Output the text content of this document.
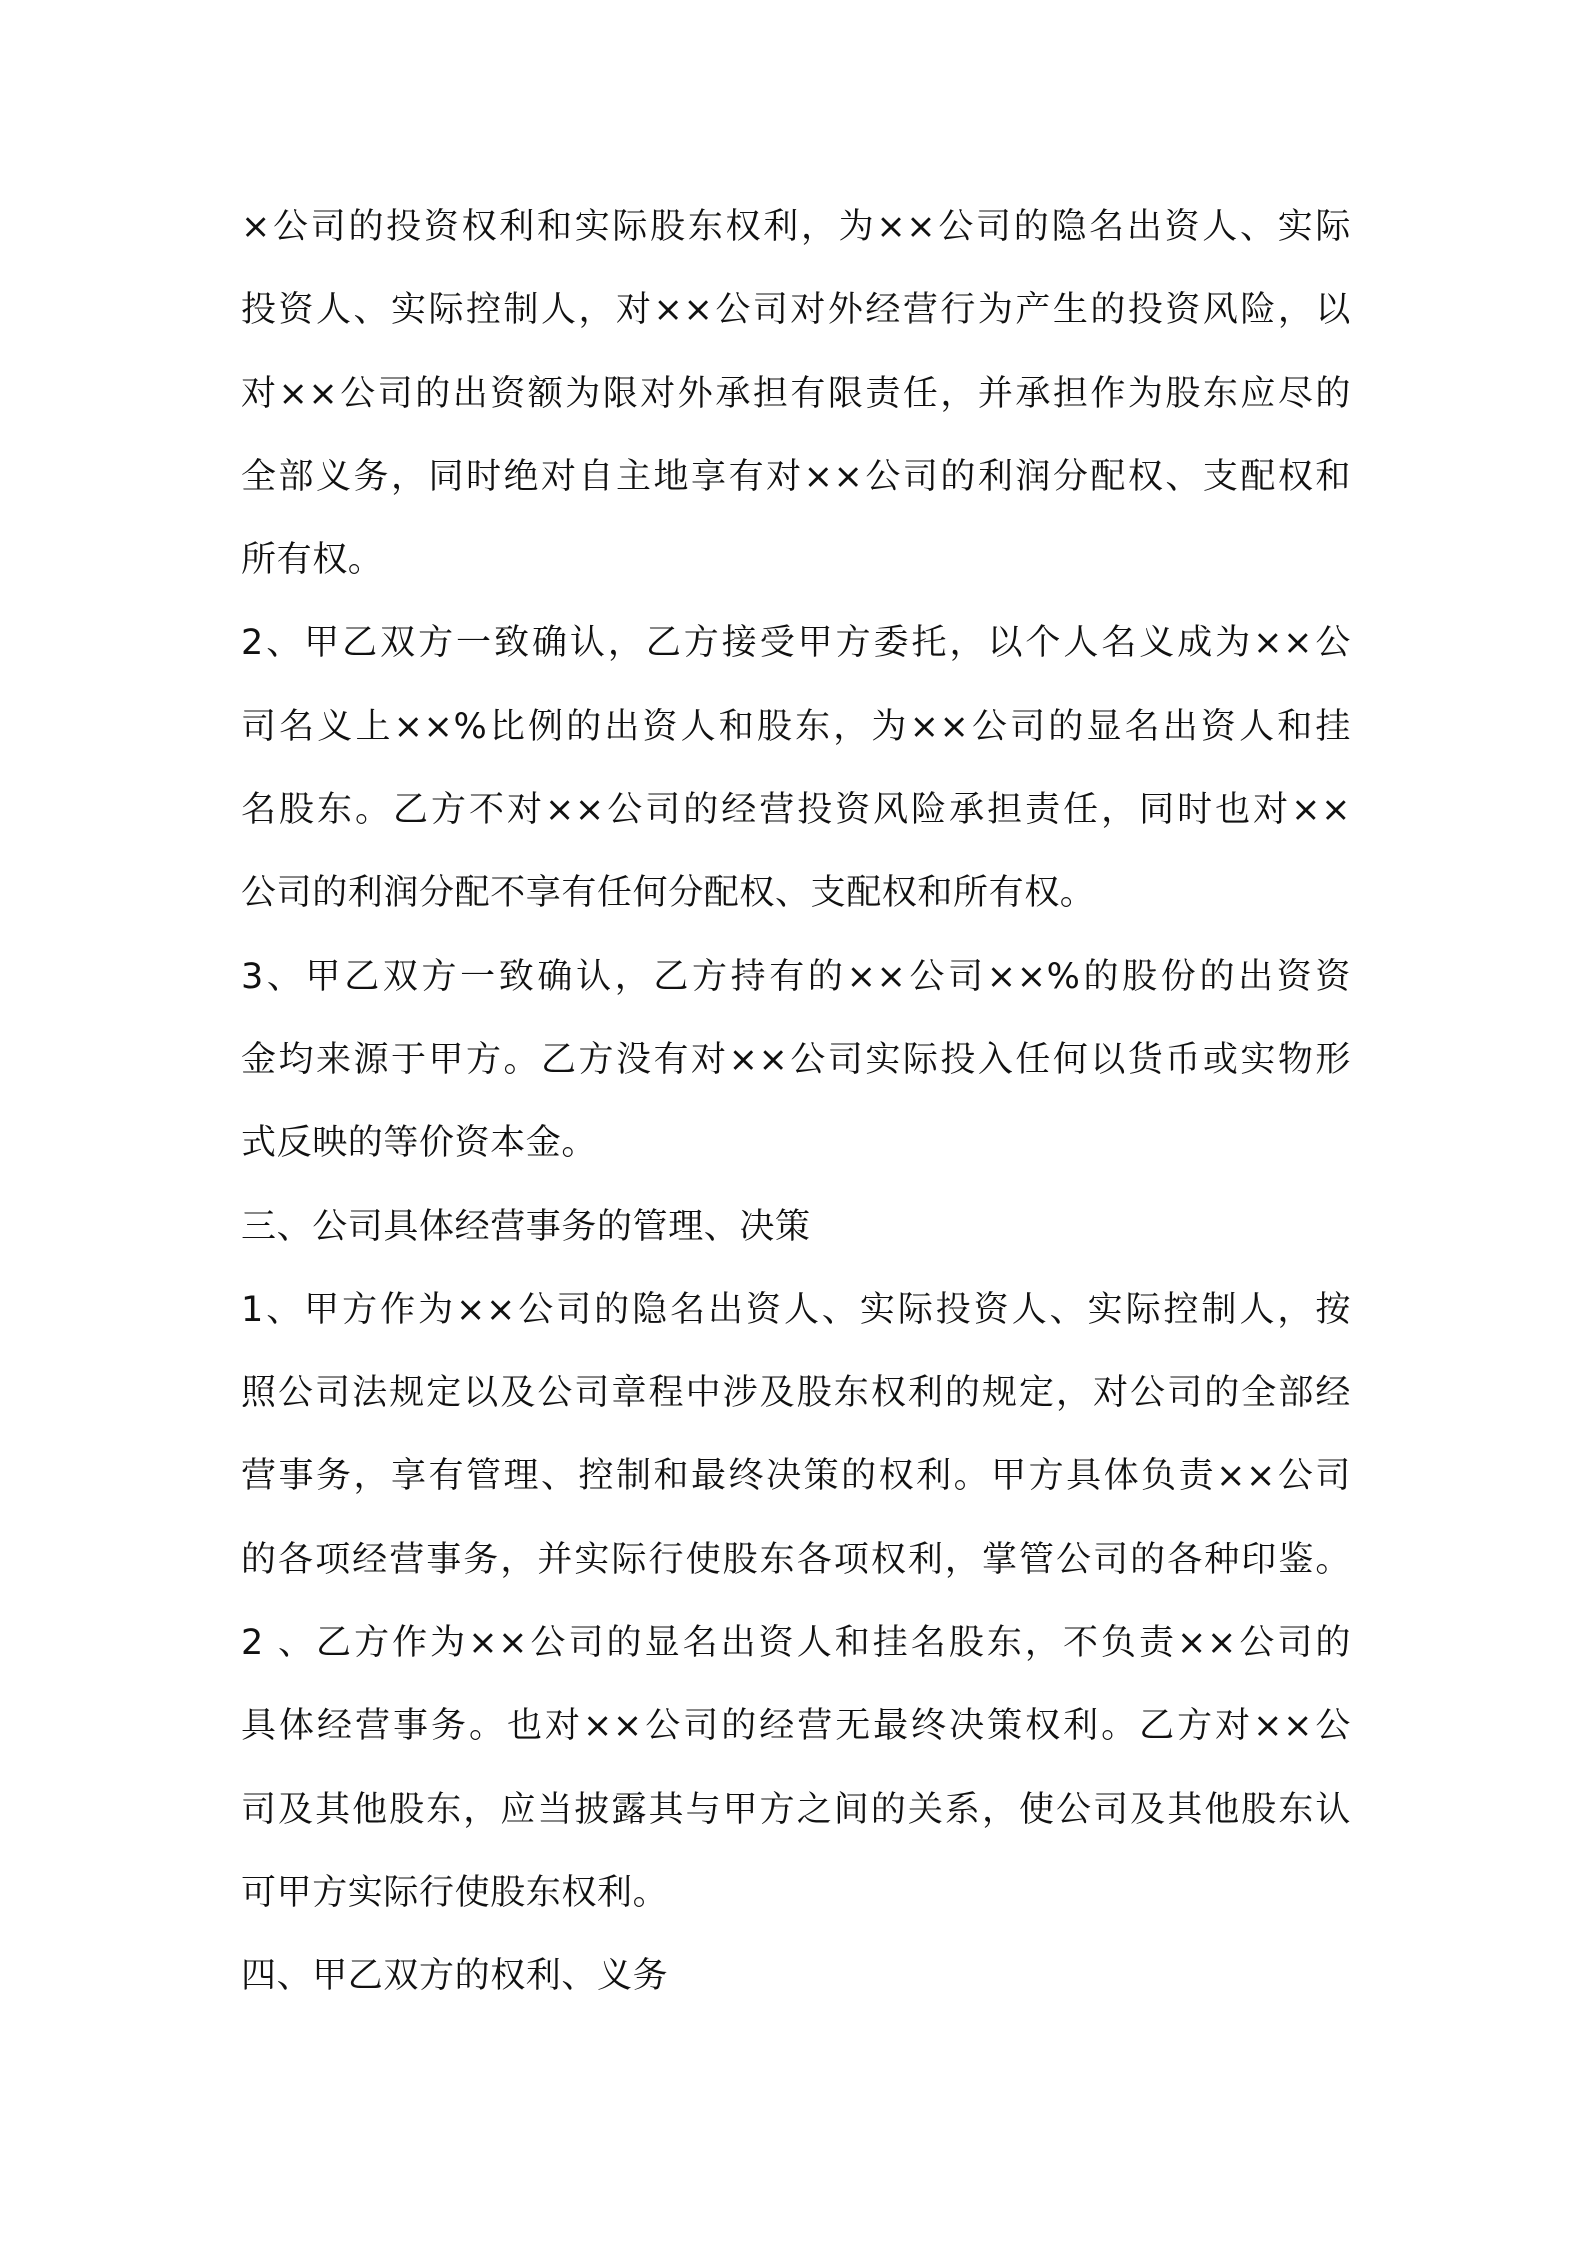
×公司的投资权利和实际股东权利，为××公司的隐名出资人、实际
投资人、实际控制人，对××公司对外经营行为产生的投资风险，以
对××公司的出资额为限对外承担有限责任，并承担作为股东应尽的
全部义务，同时绝对自主地享有对××公司的利润分配权、支配权和
所有权。
2、甲乙双方一致确认，乙方接受甲方委托，以个人名义成为××公
司名义上××%比例的出资人和股东，为××公司的显名出资人和挂
名股东。乙方不对××公司的经营投资风险承担责任，同时也对××
公司的利润分配不享有任何分配权、支配权和所有权。
3、甲乙双方一致确认，乙方持有的××公司××%的股份的出资资
金均来源于甲方。乙方没有对××公司实际投入任何以货币或实物形
式反映的等价资本金。
三、公司具体经营事务的管理、决策
1、甲方作为××公司的隐名出资人、实际投资人、实际控制人，按
照公司法规定以及公司章程中涉及股东权利的规定，对公司的全部经
营事务，享有管理、控制和最终决策的权利。甲方具体负责××公司
的各项经营事务，并实际行使股东各项权利，掌管公司的各种印鉴。
2 、乙方作为××公司的显名出资人和挂名股东，不负责××公司的
具体经营事务。也对××公司的经营无最终决策权利。乙方对××公
司及其他股东，应当披露其与甲方之间的关系，使公司及其他股东认
可甲方实际行使股东权利。
四、甲乙双方的权利、义务
